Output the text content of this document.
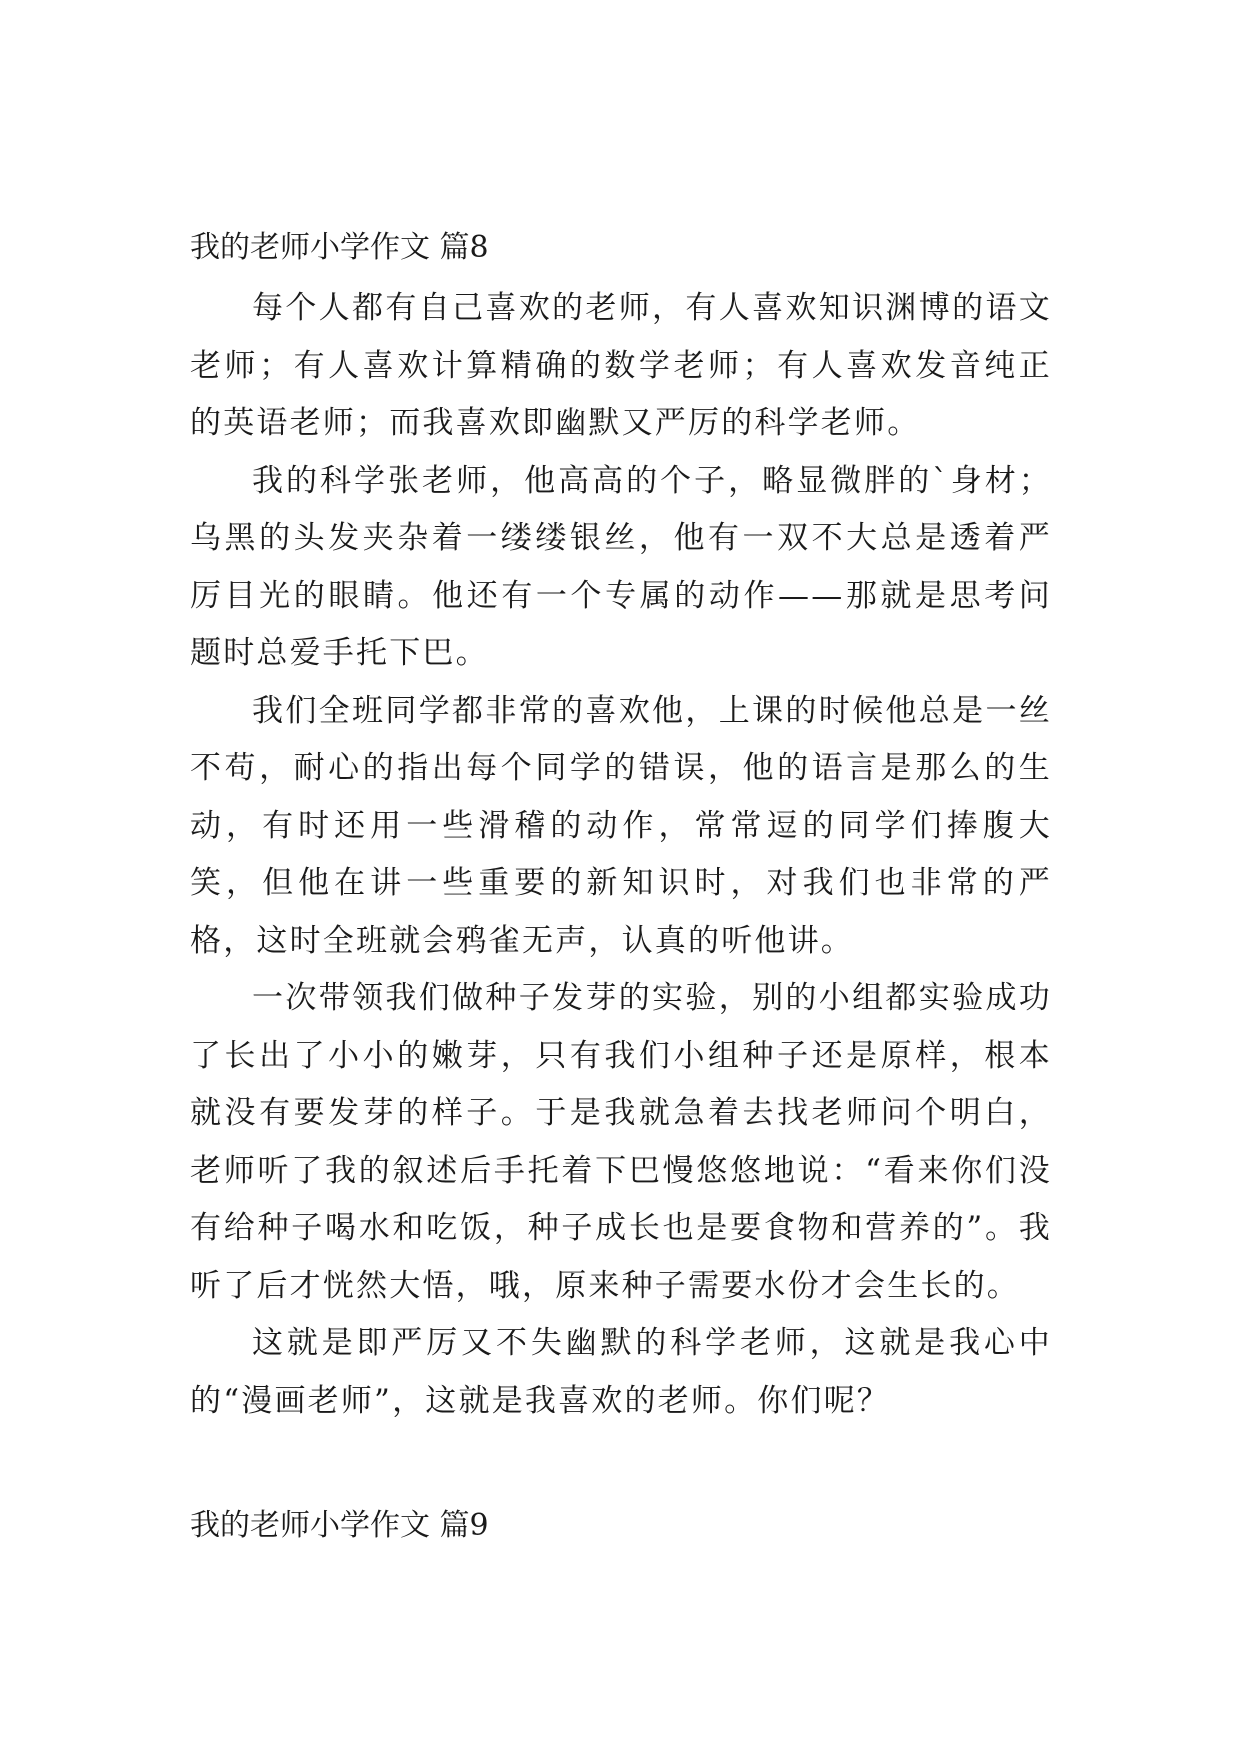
我的老师小学作文 篇8

每个人都有自己喜欢的老师，有人喜欢知识渊博的语文老师；有人喜欢计算精确的数学老师；有人喜欢发音纯正的英语老师；而我喜欢即幽默又严厉的科学老师。

我的科学张老师，他高高的个子，略显微胖的`身材；乌黑的头发夹杂着一缕缕银丝，他有一双不大总是透着严厉目光的眼睛。他还有一个专属的动作——那就是思考问题时总爱手托下巴。

我们全班同学都非常的喜欢他，上课的时候他总是一丝不苟，耐心的指出每个同学的错误，他的语言是那么的生动，有时还用一些滑稽的动作，常常逗的同学们捧腹大笑，但他在讲一些重要的新知识时，对我们也非常的严格，这时全班就会鸦雀无声，认真的听他讲。

一次带领我们做种子发芽的实验，别的小组都实验成功了长出了小小的嫩芽，只有我们小组种子还是原样，根本就没有要发芽的样子。于是我就急着去找老师问个明白，老师听了我的叙述后手托着下巴慢悠悠地说：“看来你们没有给种子喝水和吃饭，种子成长也是要食物和营养的”。我听了后才恍然大悟，哦，原来种子需要水份才会生长的。

这就是即严厉又不失幽默的科学老师，这就是我心中的“漫画老师”，这就是我喜欢的老师。你们呢？

我的老师小学作文 篇9
